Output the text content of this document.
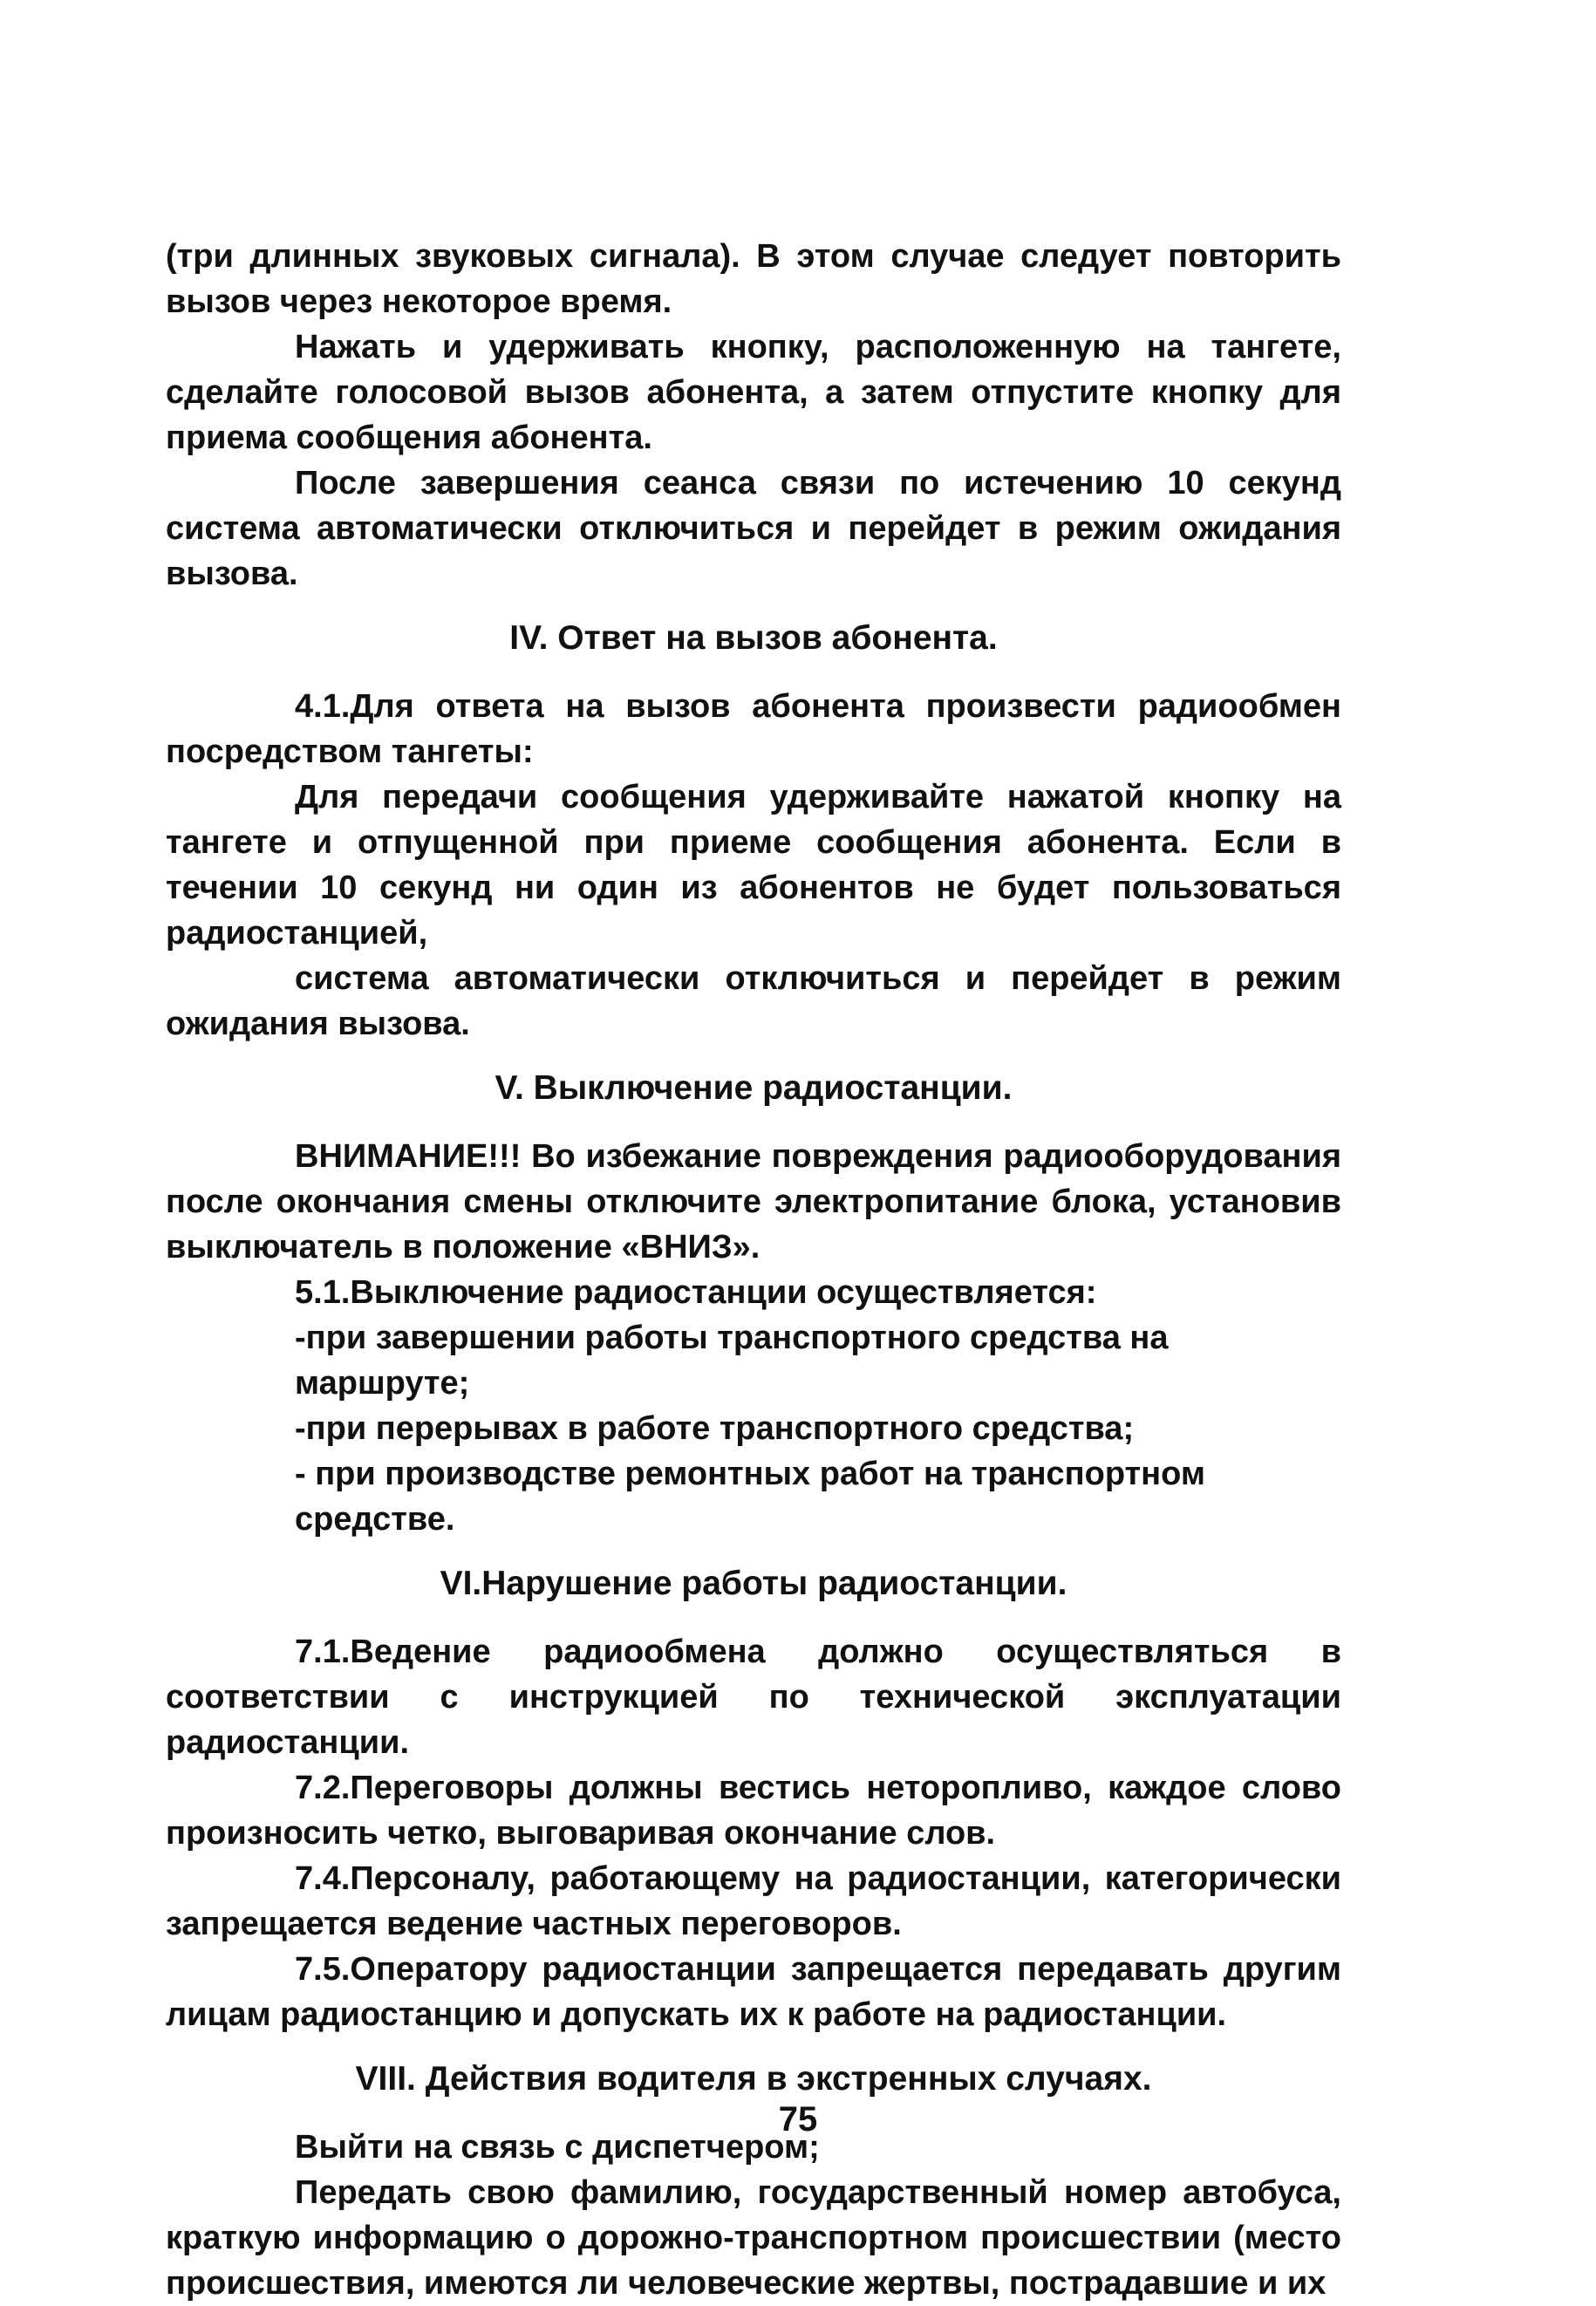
(три длинных звуковых сигнала). В этом случае следует повторить вызов через некоторое время.

Нажать и удерживать кнопку, расположенную на тангете, сделайте голосовой вызов абонента, а затем отпустите кнопку для приема сообщения абонента.

После завершения сеанса связи по истечению 10 секунд система автоматически отключиться и перейдет в режим ожидания вызова.

IV. Ответ на вызов абонента.

4.1.Для ответа на вызов абонента произвести радиообмен посредством тангеты:

Для передачи сообщения удерживайте нажатой кнопку на тангете и отпущенной при приеме сообщения абонента. Если в течении 10 секунд ни один из абонентов не будет пользоваться радиостанцией,

система автоматически отключиться и перейдет в режим ожидания вызова.

V. Выключение радиостанции.

ВНИМАНИЕ!!! Во избежание повреждения радиооборудования после окончания смены отключите электропитание блока, установив выключатель в положение «ВНИЗ».

5.1.Выключение радиостанции осуществляется:

-при завершении работы транспортного средства на маршруте;

-при перерывах в работе транспортного средства;

- при производстве ремонтных работ на транспортном средстве.

VI.Нарушение работы радиостанции.

7.1.Ведение радиообмена должно осуществляться в соответствии с инструкцией по технической эксплуатации радиостанции.

7.2.Переговоры должны вестись неторопливо, каждое слово произносить четко, выговаривая окончание слов.

7.4.Персоналу, работающему на радиостанции, категорически запрещается ведение частных переговоров.

7.5.Оператору радиостанции запрещается передавать другим лицам радиостанцию и допускать их к работе на радиостанции.

VIII. Действия водителя в экстренных случаях.

Выйти на связь с диспетчером;

Передать свою фамилию, государственный номер автобуса, краткую информацию о дорожно-транспортном происшествии (место происшествия, имеются ли человеческие жертвы, пострадавшие и их

75
